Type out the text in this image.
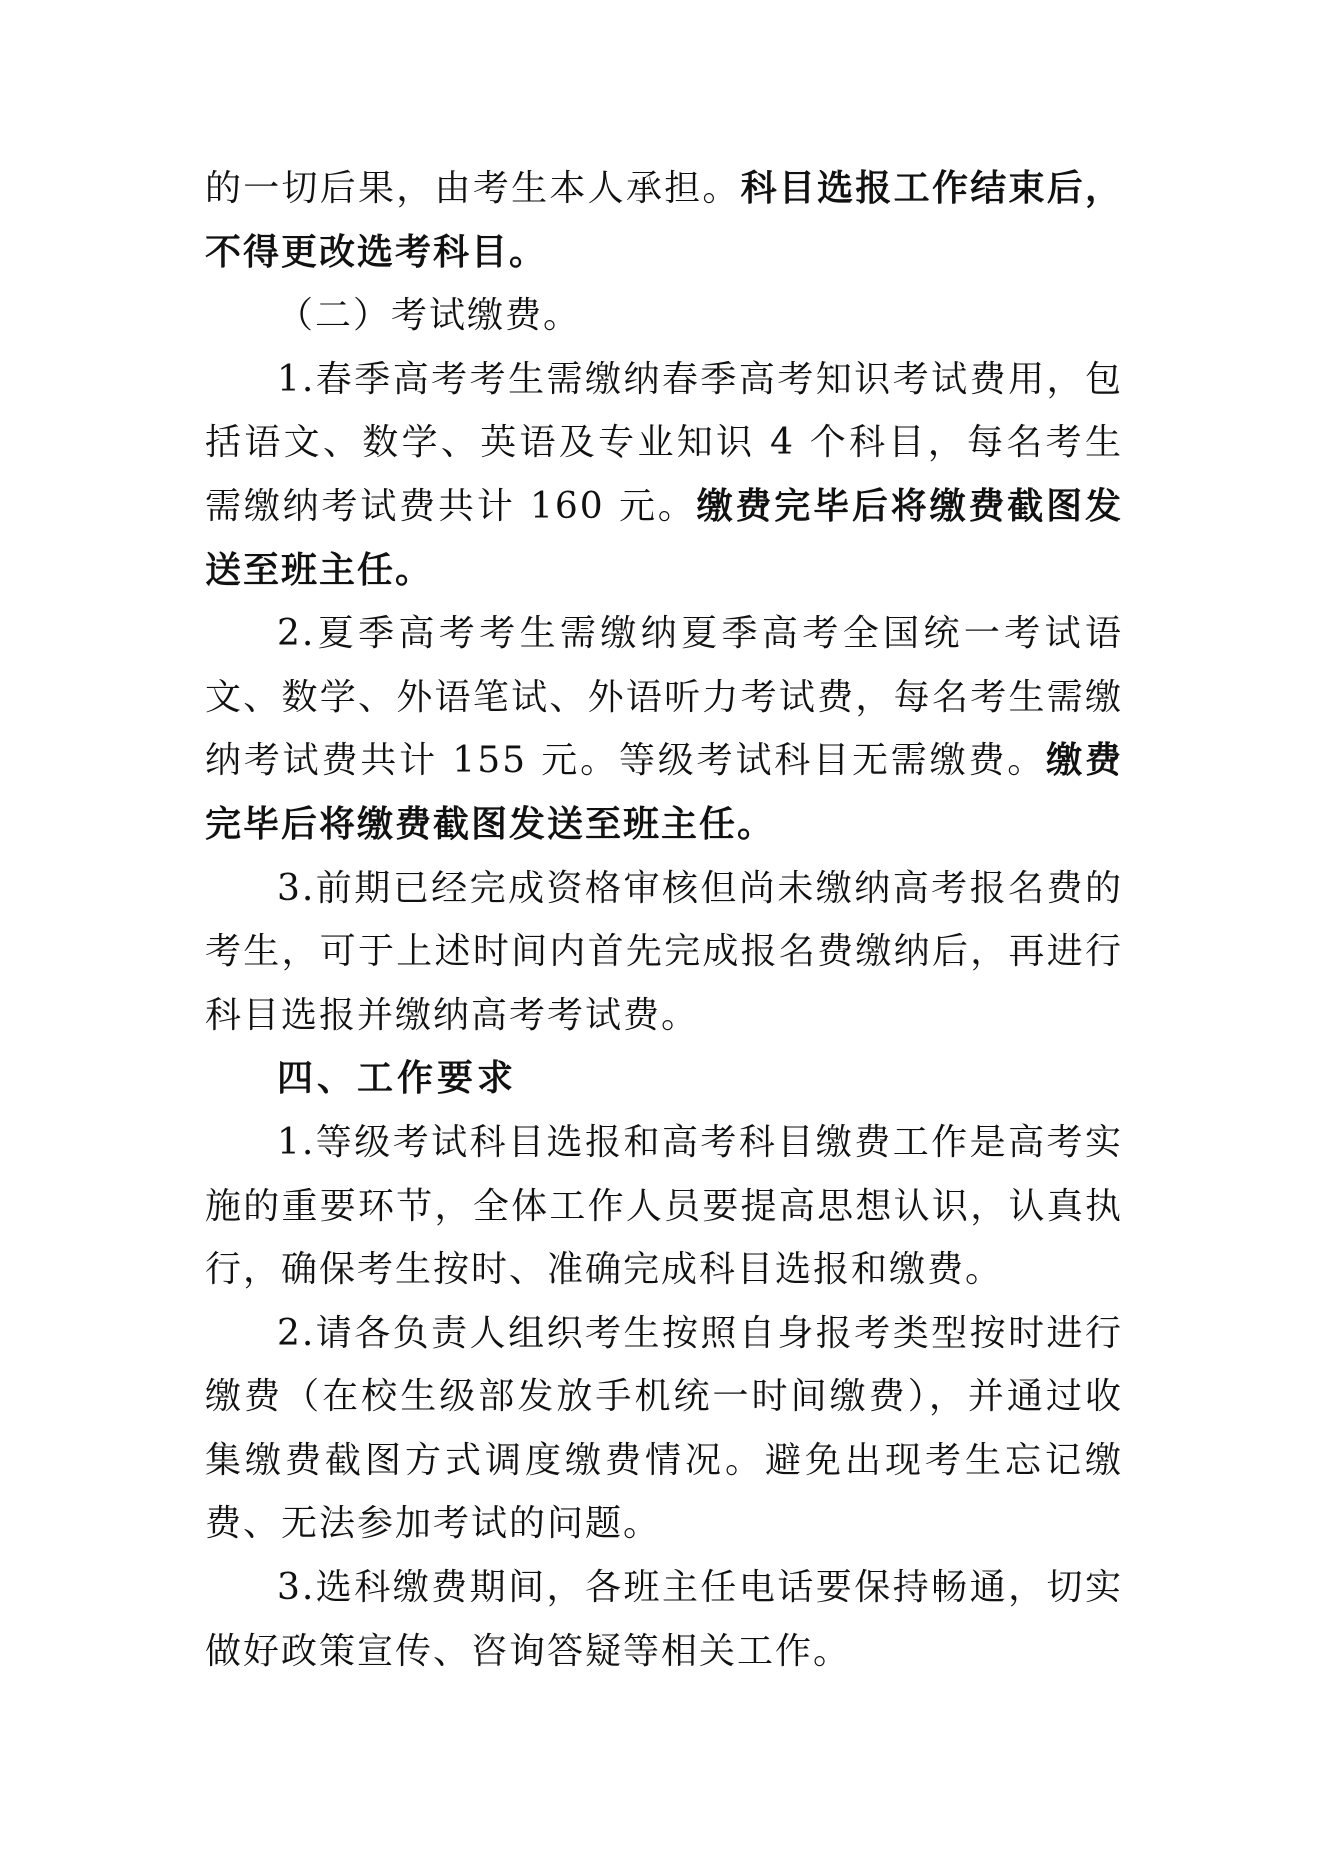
的一切后果，由考生本人承担。科目选报工作结束后，不得更改选考科目。

（二）考试缴费。

1.春季高考考生需缴纳春季高考知识考试费用，包括语文、数学、英语及专业知识 4 个科目，每名考生需缴纳考试费共计 160 元。缴费完毕后将缴费截图发送至班主任。

2.夏季高考考生需缴纳夏季高考全国统一考试语文、数学、外语笔试、外语听力考试费，每名考生需缴纳考试费共计 155 元。等级考试科目无需缴费。缴费完毕后将缴费截图发送至班主任。

3.前期已经完成资格审核但尚未缴纳高考报名费的考生，可于上述时间内首先完成报名费缴纳后，再进行科目选报并缴纳高考考试费。

四、工作要求

1.等级考试科目选报和高考科目缴费工作是高考实施的重要环节，全体工作人员要提高思想认识，认真执行，确保考生按时、准确完成科目选报和缴费。

2.请各负责人组织考生按照自身报考类型按时进行缴费（在校生级部发放手机统一时间缴费），并通过收集缴费截图方式调度缴费情况。避免出现考生忘记缴费、无法参加考试的问题。

3.选科缴费期间，各班主任电话要保持畅通，切实做好政策宣传、咨询答疑等相关工作。
